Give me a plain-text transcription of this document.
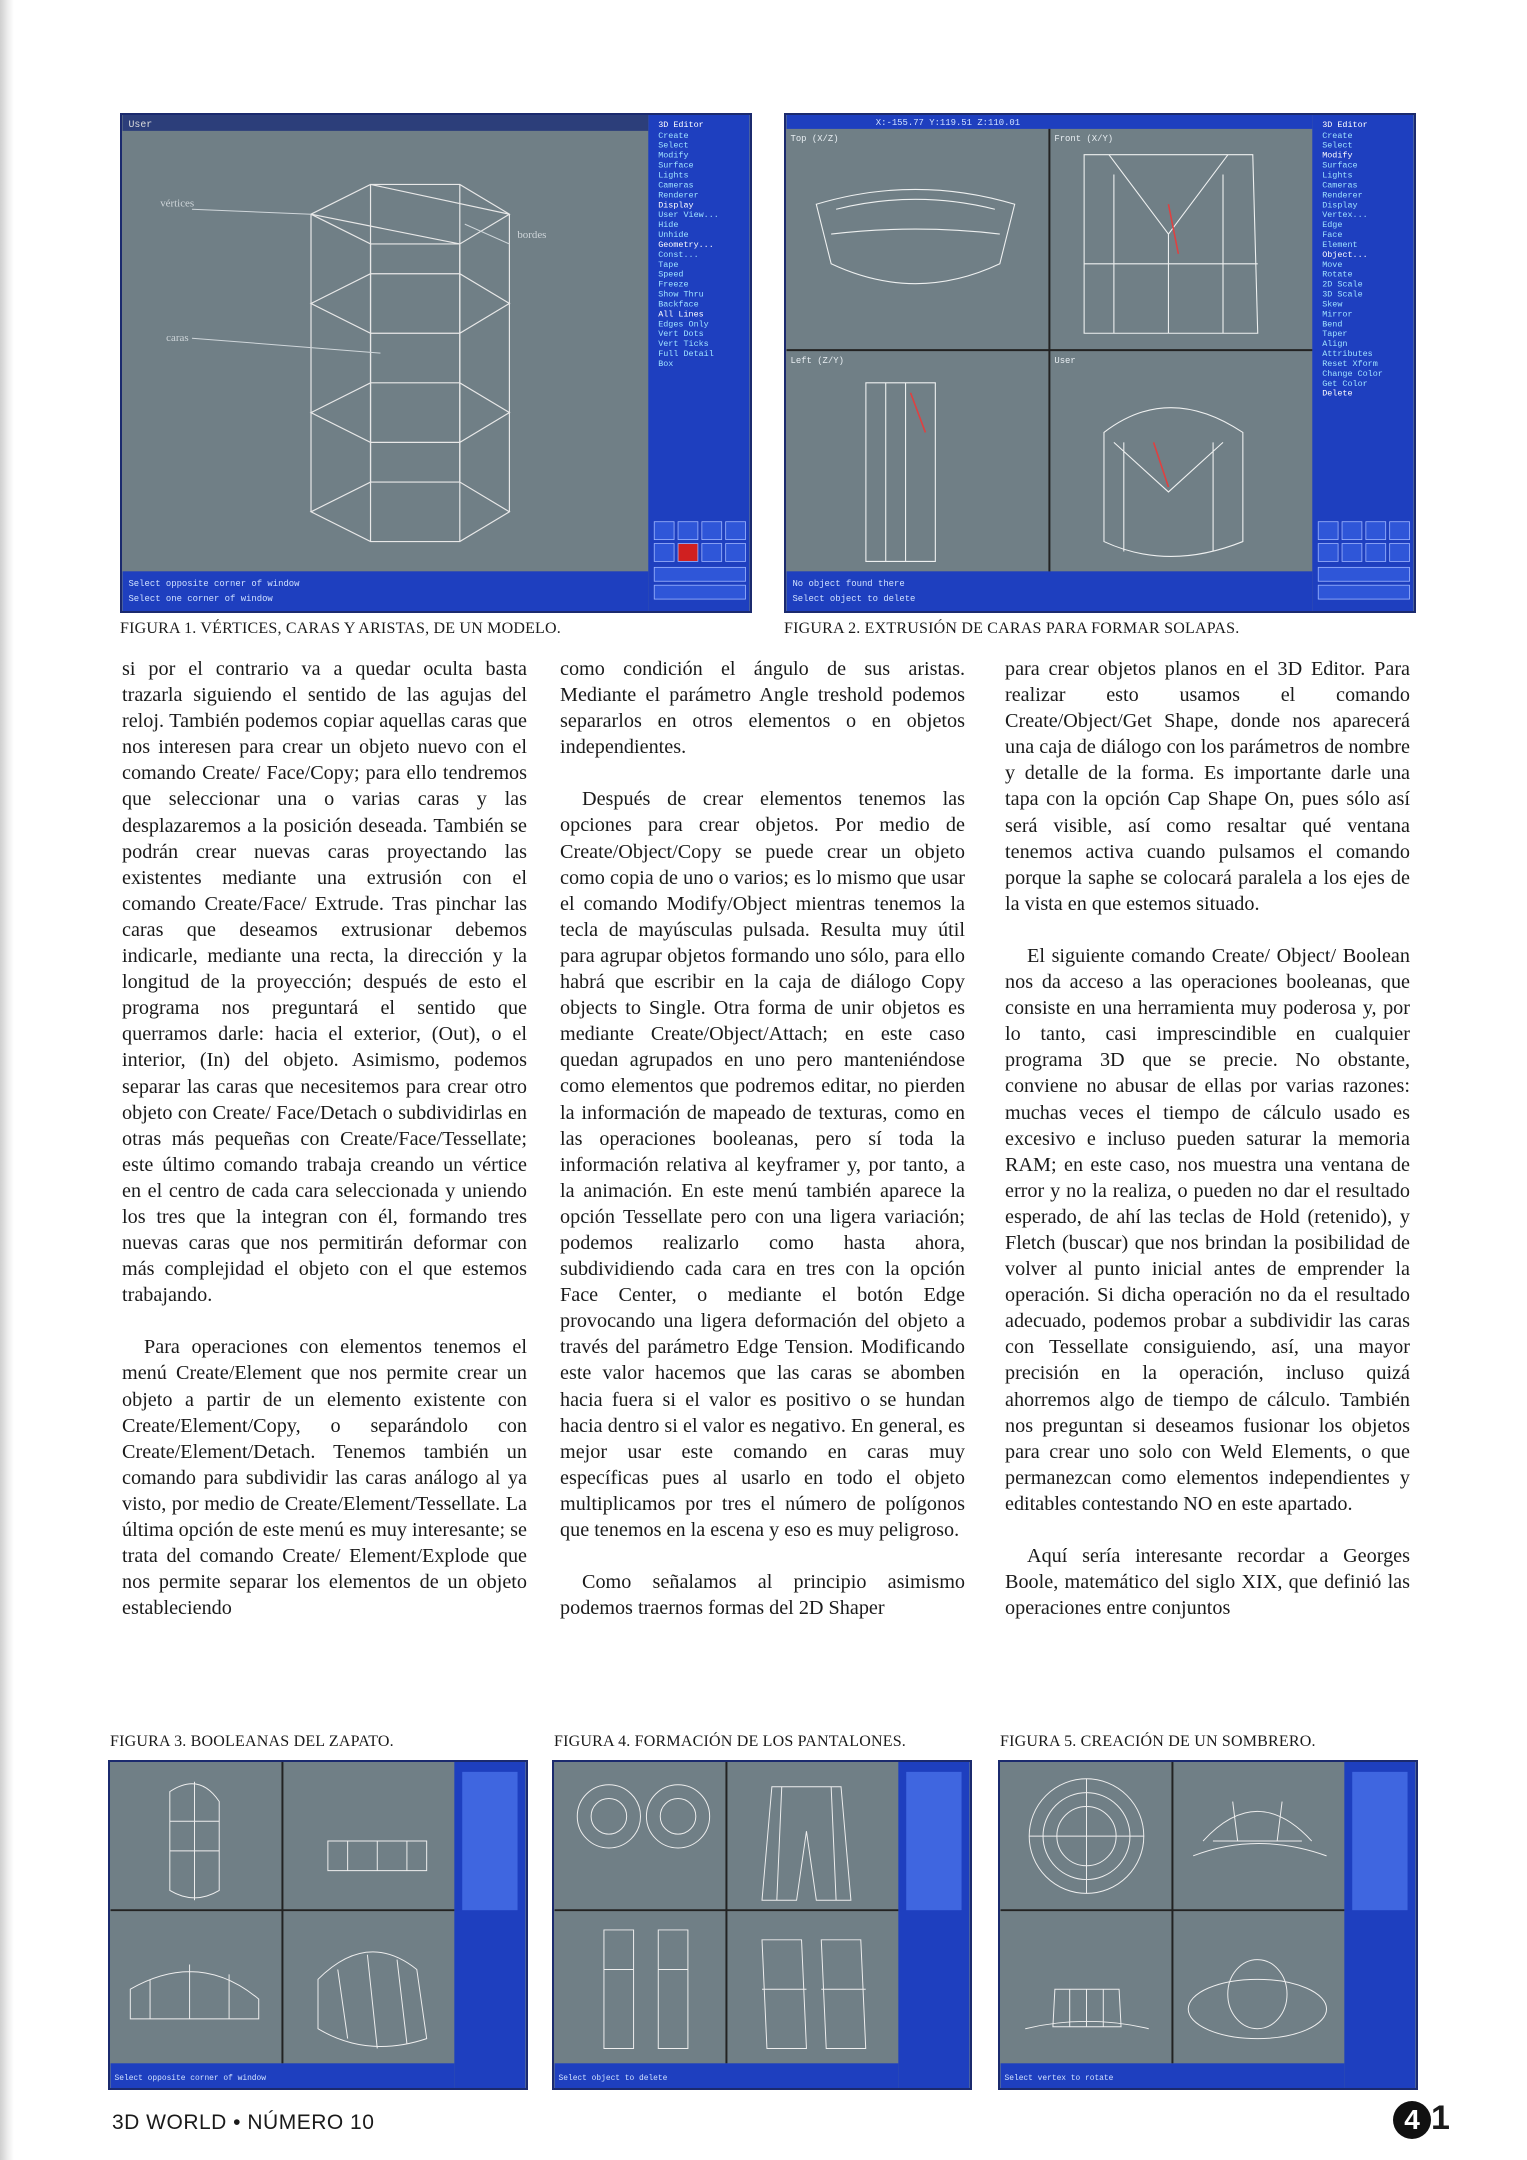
User
vértices
bordes
caras
3D Editor
Create
Select
Modify
Surface
Lights
Cameras
Renderer
Display
User View...
Hide
Unhide
Geometry...
Const...
Tape
Speed
Freeze
Show Thru
Backface
All Lines
Edges Only
Vert Dots
Vert Ticks
Full Detail
Box
Select opposite corner of window
Select one corner of window
FIGURA 1. VÉRTICES, CARAS Y ARISTAS, DE UN MODELO.
X:-155.77 Y:119.51 Z:110.01
Top (X/Z)	Front (X/Y)
Left (Z/Y)	User
3D Editor
Create
Select
Modify
Surface
Lights
Cameras
Renderer
Display
Vertex...
Edge
Face
Element
Object...
Move
Rotate
2D Scale
3D Scale
Skew
Mirror
Bend
Taper
Align
Attributes
Reset Xform
Change Color
Get Color
Delete
No object found there
Select object to delete
FIGURA 2. EXTRUSIÓN DE CARAS PARA FORMAR SOLAPAS.

si por el contrario va a quedar oculta basta trazarla siguiendo el sentido de las agujas del reloj. También podemos copiar aquellas caras que nos interesen para crear un objeto nuevo con el comando Create/ Face/Copy; para ello tendremos que seleccionar una o varias caras y las desplazaremos a la posición deseada. También se podrán crear nuevas caras proyectando las existentes mediante una extrusión con el comando Create/Face/ Extrude. Tras pinchar las caras que deseamos extrusionar debemos indicarle, mediante una recta, la dirección y la longitud de la proyección; después de esto el programa nos preguntará el sentido que querramos darle: hacia el exterior, (Out), o el interior, (In) del objeto. Asimismo, podemos separar las caras que necesitemos para crear otro objeto con Create/ Face/Detach o subdividirlas en otras más pequeñas con Create/Face/Tessellate; este último comando trabaja creando un vértice en el centro de cada cara seleccionada y uniendo los tres que la integran con él, formando tres nuevas caras que nos permitirán deformar con más complejidad el objeto con el que estemos trabajando.

Para operaciones con elementos tenemos el menú Create/Element que nos permite crear un objeto a partir de un elemento existente con Create/Element/Copy, o separándolo con Create/Element/Detach. Tenemos también un comando para subdividir las caras análogo al ya visto, por medio de Create/Element/Tessellate. La última opción de este menú es muy interesante; se trata del comando Create/ Element/Explode que nos permite separar los elementos de un objeto estableciendo

como condición el ángulo de sus aristas. Mediante el parámetro Angle treshold podemos separarlos en otros elementos o en objetos independientes.

Después de crear elementos tenemos las opciones para crear objetos. Por medio de Create/Object/Copy se puede crear un objeto como copia de uno o varios; es lo mismo que usar el comando Modify/Object mientras tenemos la tecla de mayúsculas pulsada. Resulta muy útil para agrupar objetos formando uno sólo, para ello habrá que escribir en la caja de diálogo Copy objects to Single. Otra forma de unir objetos es mediante Create/Object/Attach; en este caso quedan agrupados en uno pero manteniéndose como elementos que podremos editar, no pierden la información de mapeado de texturas, como en las operaciones booleanas, pero sí toda la información relativa al keyframer y, por tanto, a la animación. En este menú también aparece la opción Tessellate pero con una ligera variación; podemos realizarlo como hasta ahora, subdividiendo cada cara en tres con la opción Face Center, o mediante el botón Edge provocando una ligera deformación del objeto a través del parámetro Edge Tension. Modificando este valor hacemos que las caras se abomben hacia fuera si el valor es positivo o se hundan hacia dentro si el valor es negativo. En general, es mejor usar este comando en caras muy específicas pues al usarlo en todo el objeto multiplicamos por tres el número de polígonos que tenemos en la escena y eso es muy peligroso.

Como señalamos al principio asimismo podemos traernos formas del 2D Shaper

para crear objetos planos en el 3D Editor. Para realizar esto usamos el comando Create/Object/Get Shape, donde nos aparecerá una caja de diálogo con los parámetros de nombre y detalle de la forma. Es importante darle una tapa con la opción Cap Shape On, pues sólo así será visible, así como resaltar qué ventana tenemos activa cuando pulsamos el comando porque la saphe se colocará paralela a los ejes de la vista en que estemos situado.

El siguiente comando Create/ Object/ Boolean nos da acceso a las operaciones booleanas, que consiste en una herramienta muy poderosa y, por lo tanto, casi imprescindible en cualquier programa 3D que se precie. No obstante, conviene no abusar de ellas por varias razones: muchas veces el tiempo de cálculo usado es excesivo e incluso pueden saturar la memoria RAM; en este caso, nos muestra una ventana de error y no la realiza, o pueden no dar el resultado esperado, de ahí las teclas de Hold (retenido), y Fletch (buscar) que nos brindan la posibilidad de volver al punto inicial antes de emprender la operación. Si dicha operación no da el resultado adecuado, podemos probar a subdividir las caras con Tessellate consiguiendo, así, una mayor precisión en la operación, incluso quizá ahorremos algo de tiempo de cálculo. También nos preguntan si deseamos fusionar los objetos para crear uno solo con Weld Elements, o que permanezcan como elementos independientes y editables contestando NO en este apartado.

Aquí sería interesante recordar a Georges Boole, matemático del siglo XIX, que definió las operaciones entre conjuntos

FIGURA 3. BOOLEANAS DEL ZAPATO.
Select opposite corner of window
FIGURA 4. FORMACIÓN DE LOS PANTALONES.
Select object to delete
FIGURA 5. CREACIÓN DE UN SOMBRERO.
Select vertex to rotate
3D WORLD • NÚMERO 10	4 1
